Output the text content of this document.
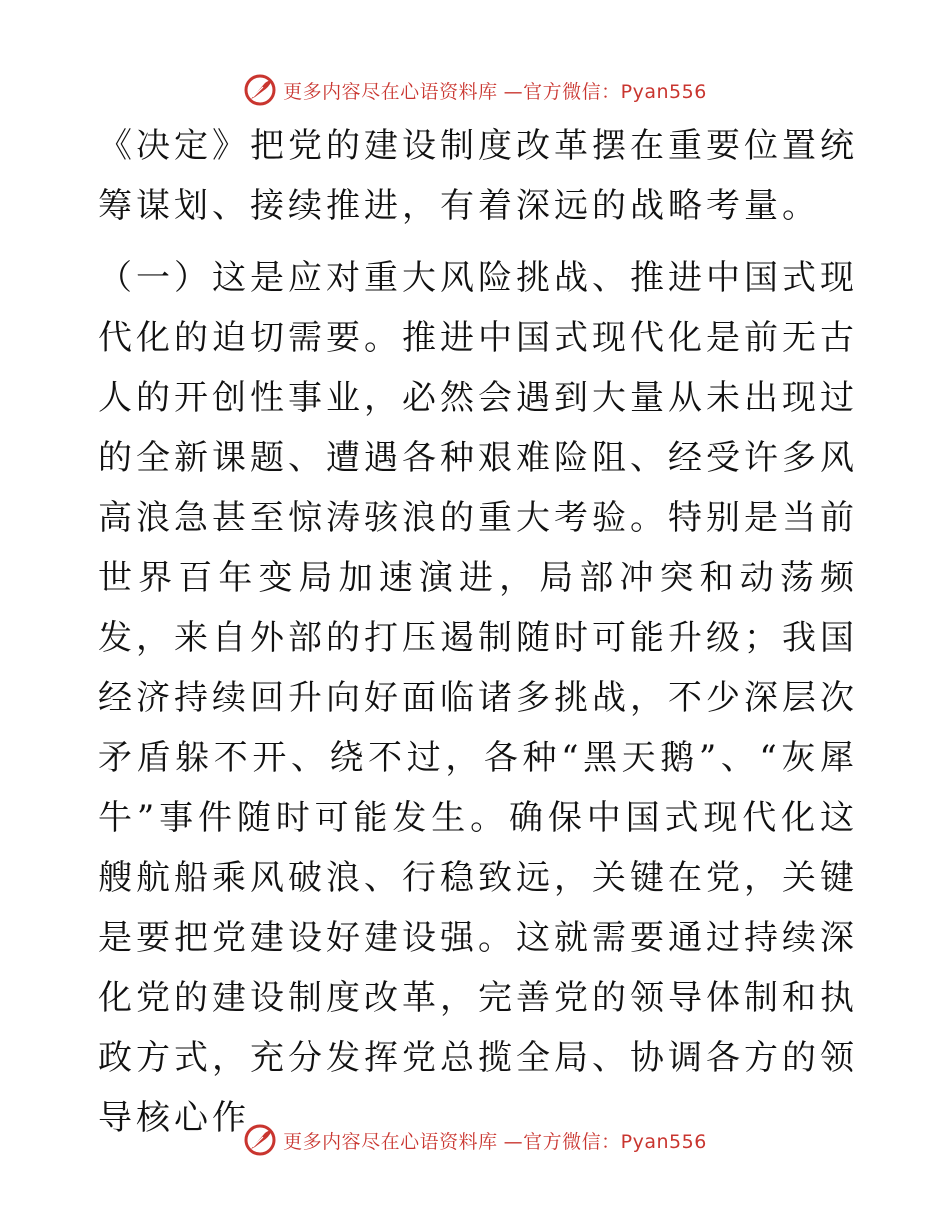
更多内容尽在心语资料库 —官方微信：Pyan556

《决定》把党的建设制度改革摆在重要位置统筹谋划、接续推进，有着深远的战略考量。

（一）这是应对重大风险挑战、推进中国式现代化的迫切需要。推进中国式现代化是前无古人的开创性事业，必然会遇到大量从未出现过的全新课题、遭遇各种艰难险阻、经受许多风高浪急甚至惊涛骇浪的重大考验。特别是当前世界百年变局加速演进，局部冲突和动荡频发，来自外部的打压遏制随时可能升级；我国经济持续回升向好面临诸多挑战，不少深层次矛盾躲不开、绕不过，各种“黑天鹅”、“灰犀牛”事件随时可能发生。确保中国式现代化这艘航船乘风破浪、行稳致远，关键在党，关键是要把党建设好建设强。这就需要通过持续深化党的建设制度改革，完善党的领导体制和执政方式，充分发挥党总揽全局、协调各方的领导核心作

更多内容尽在心语资料库 —官方微信：Pyan556
